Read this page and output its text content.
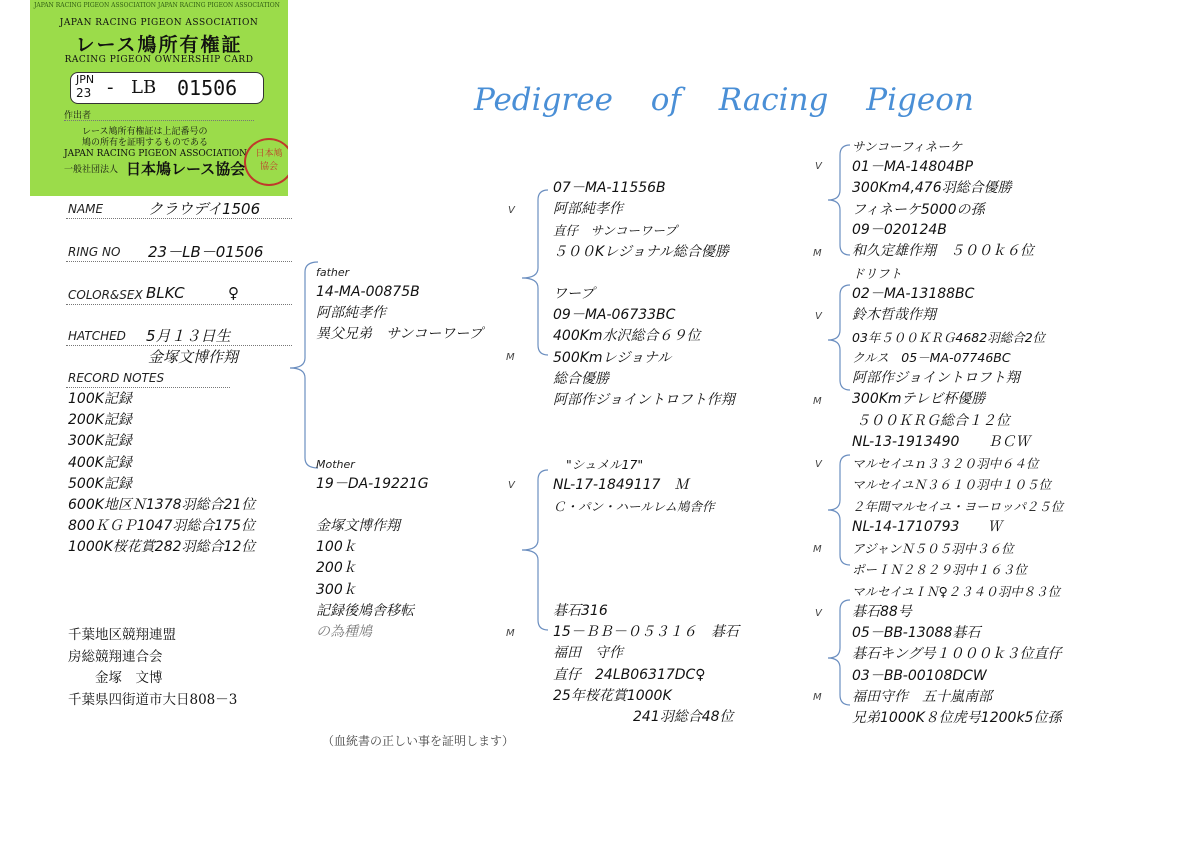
JAPAN RACING PIGEON ASSOCIATION JAPAN RACING PIGEON ASSOCIATION
JAPAN RACING PIGEON ASSOCIATION
レース鳩所有権証
RACING PIGEON OWNERSHIP CARD
JPN
23 - LB 01506
作出者
レース鳩所有権証は上記番号の
鳩の所有を証明するものである
JAPAN RACING PIGEON ASSOCIATION
一般社団法人 日本鳩レース協会
日本鳩 協会
Pedigree of Racing Pigeon
NAME	クラウデイ1506
RING NO 23－LB－01506
COLOR&SEX BLKC	♀
HATCHED 5月１３日生
金塚文博作翔
RECORD NOTES
100K記録
200K記録
300K記録
400K記録
500K記録
600K地区Ｎ1378羽総合21位
800ＫＧＰ1047羽総合175位
1000K桜花賞282羽総合12位
千葉地区競翔連盟
房総競翔連合会
　　金塚　文博
千葉県四街道市大日808－3
（血統書の正しい事を証明します）
father
14-MA-00875B
阿部純孝作
異父兄弟　サンコーワープ
Mother
19－DA-19221G
金塚文博作翔
100ｋ
200ｋ
300ｋ
記録後鳩舎移転
の為種鳩
07－MA-11556B
阿部純孝作
直仔　サンコーワープ
５００Kレジョナル総合優勝
ワープ
09－MA-06733BC
400Km水沢総合６９位
500Kmレジョナル
総合優勝
阿部作ジョイントロフト作翔
"シュメル17"
NL-17-1849117　Ｍ
Ｃ・パン・ハールレム鳩舎作
碁石316
15－ＢＢ－０５３１６　碁石
福田　守作
直仔　24LB06317DC♀
25年桜花賞1000K
241羽総合48位
サンコーフィネーケ
01－MA-14804BP
300Km4,476羽総合優勝
フィネーケ5000の孫
09－020124B
和久定雄作翔　５００ｋ６位
ドリフト
02－MA-13188BC
鈴木哲哉作翔
03年５００ＫＲＧ4682羽総合2位
クルス　05－MA-07746BC
阿部作ジョイントロフト翔
300Kmテレビ杯優勝
５００ＫＲＧ総合１２位
NL-13-1913490　　ＢＣＷ
マルセイユｎ３３２０羽中６４位
マルセイユＮ３６１０羽中１０５位
２年間マルセイユ・ヨーロッパ２５位
NL-14-1710793　　Ｗ
アジャンＮ５０５羽中３６位
ポーＩＮ２８２９羽中１６３位
マルセイユＩＮ♀２３４０羽中８３位
碁石88号
05－BB-13088碁石
碁石キング号１０００ｋ３位直仔
03－BB-00108DCW
福田守作　五十嵐南部
兄弟1000K８位虎号1200k5位孫
V
M
V
M
V
M
V
M
V
M
V
M
